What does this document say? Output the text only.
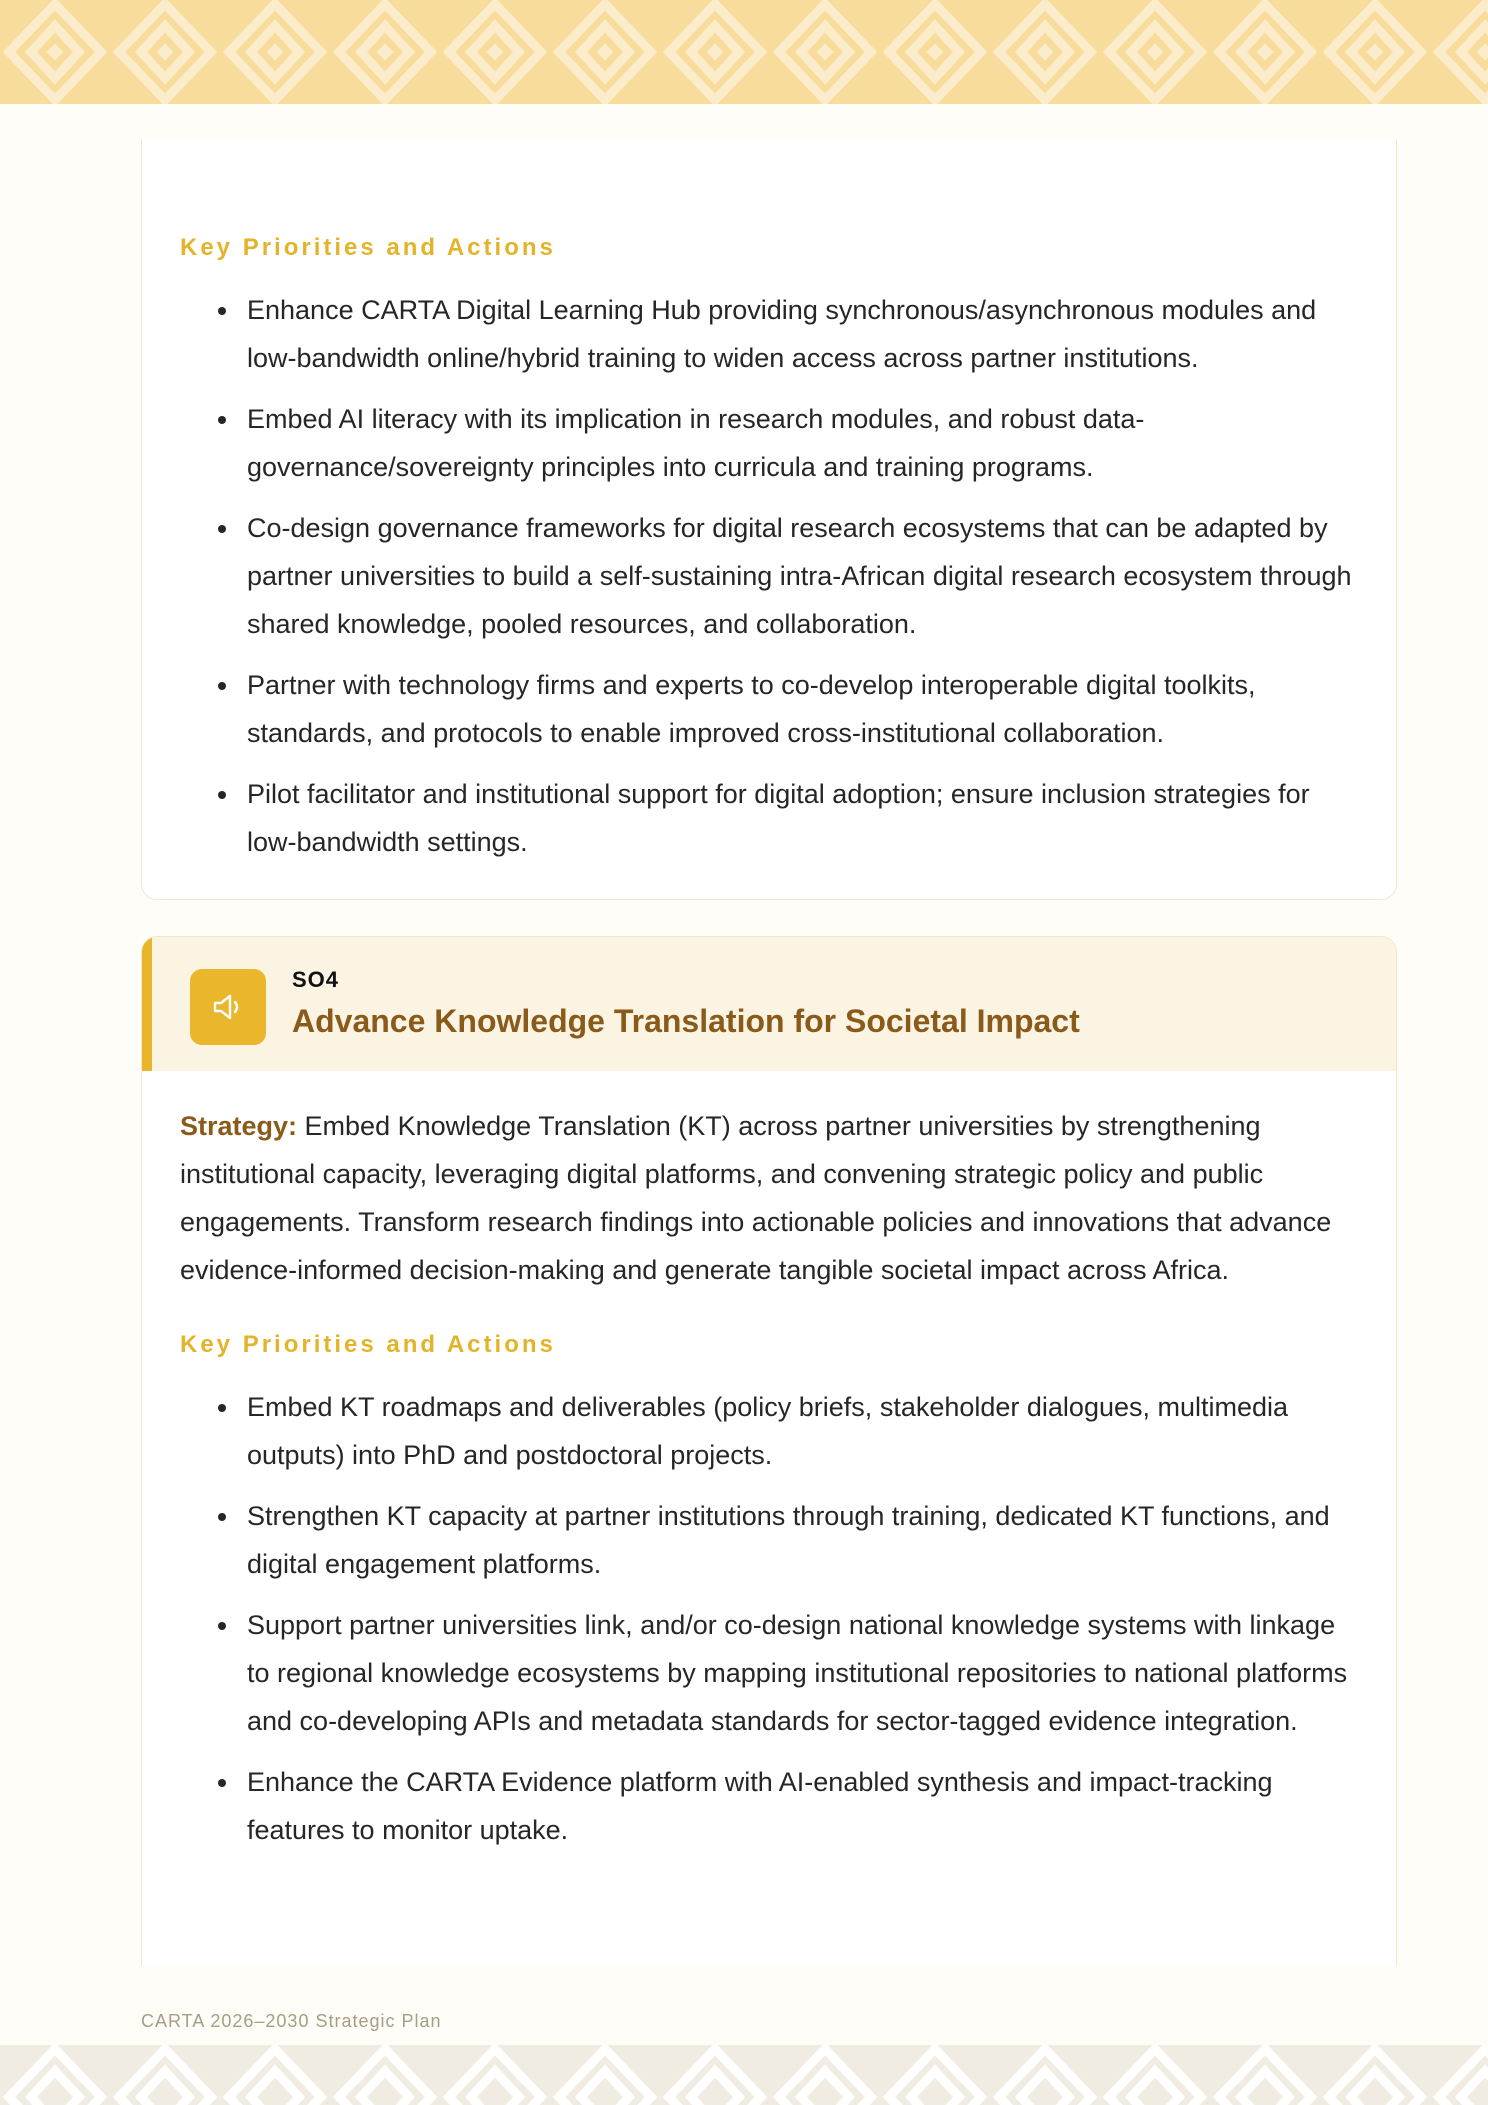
Key Priorities and Actions
Enhance CARTA Digital Learning Hub providing synchronous/asynchronous modules and low-bandwidth online/hybrid training to widen access across partner institutions.
Embed AI literacy with its implication in research modules, and robust data-governance/sovereignty principles into curricula and training programs.
Co-design governance frameworks for digital research ecosystems that can be adapted by partner universities to build a self-sustaining intra-African digital research ecosystem through shared knowledge, pooled resources, and collaboration.
Partner with technology firms and experts to co-develop interoperable digital toolkits, standards, and protocols to enable improved cross-institutional collaboration.
Pilot facilitator and institutional support for digital adoption; ensure inclusion strategies for low-bandwidth settings.
SO4
Advance Knowledge Translation for Societal Impact

Strategy: Embed Knowledge Translation (KT) across partner universities by strengthening institutional capacity, leveraging digital platforms, and convening strategic policy and public engagements. Transform research findings into actionable policies and innovations that advance evidence-informed decision-making and generate tangible societal impact across Africa.

Key Priorities and Actions
Embed KT roadmaps and deliverables (policy briefs, stakeholder dialogues, multimedia outputs) into PhD and postdoctoral projects.
Strengthen KT capacity at partner institutions through training, dedicated KT functions, and digital engagement platforms.
Support partner universities link, and/or co-design national knowledge systems with linkage to regional knowledge ecosystems by mapping institutional repositories to national platforms and co-developing APIs and metadata standards for sector-tagged evidence integration.
Enhance the CARTA Evidence platform with AI-enabled synthesis and impact-tracking features to monitor uptake.
CARTA 2026–2030 Strategic Plan
